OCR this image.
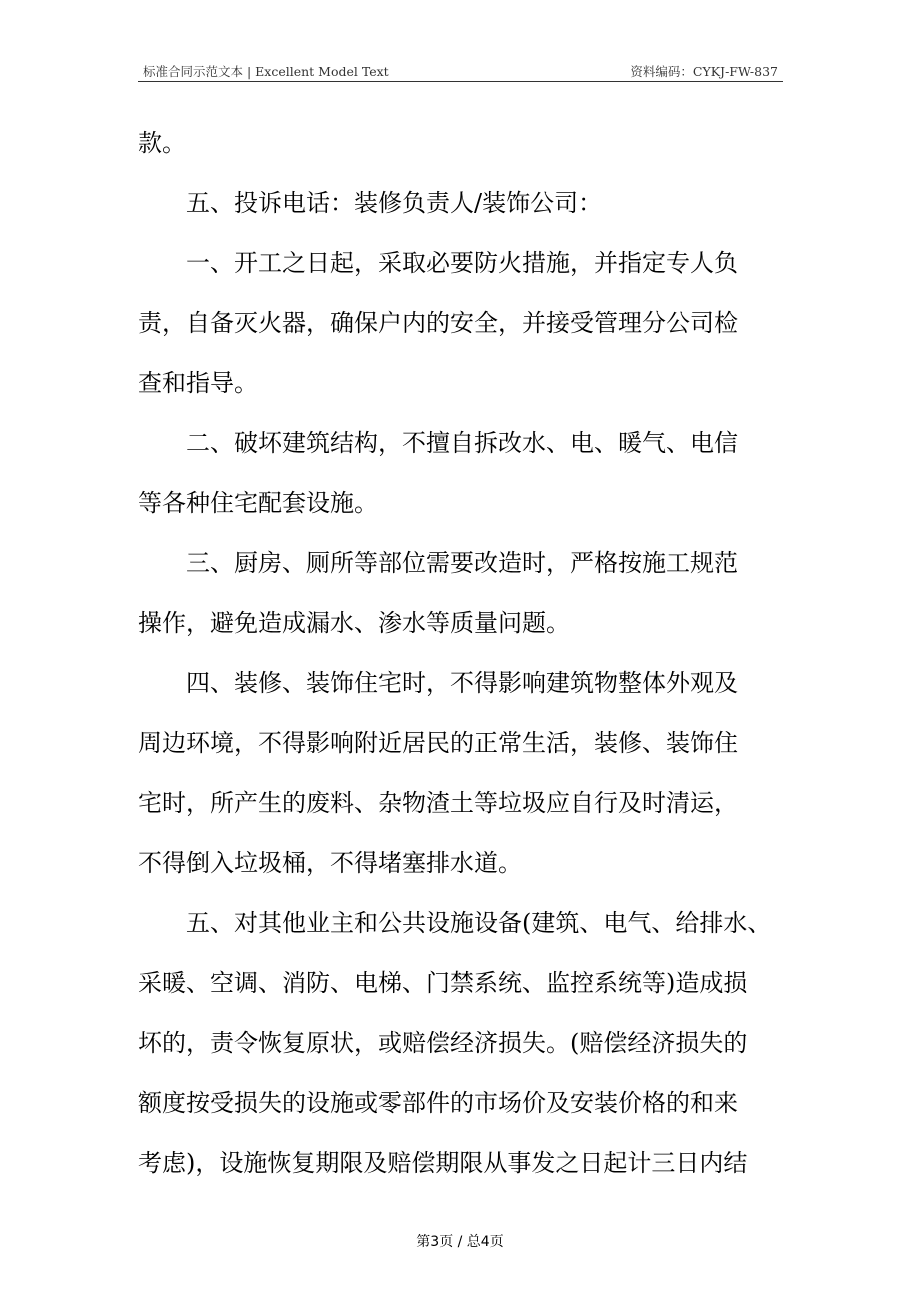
标准合同示范文本 | Excellent Model Text	资料编码：CYKJ-FW-837

款。

　　五、投诉电话：装修负责人/装饰公司：

　　一、开工之日起，采取必要防火措施，并指定专人负

责，自备灭火器，确保户内的安全，并接受管理分公司检

查和指导。

　　二、破坏建筑结构，不擅自拆改水、电、暖气、电信

等各种住宅配套设施。

　　三、厨房、厕所等部位需要改造时，严格按施工规范

操作，避免造成漏水、渗水等质量问题。

　　四、装修、装饰住宅时，不得影响建筑物整体外观及

周边环境，不得影响附近居民的正常生活，装修、装饰住

宅时，所产生的废料、杂物渣土等垃圾应自行及时清运，

不得倒入垃圾桶，不得堵塞排水道。

　　五、对其他业主和公共设施设备(建筑、电气、给排水、

采暖、空调、消防、电梯、门禁系统、监控系统等)造成损

坏的，责令恢复原状，或赔偿经济损失。(赔偿经济损失的

额度按受损失的设施或零部件的市场价及安装价格的和来

考虑)，设施恢复期限及赔偿期限从事发之日起计三日内结

第3页 / 总4页
